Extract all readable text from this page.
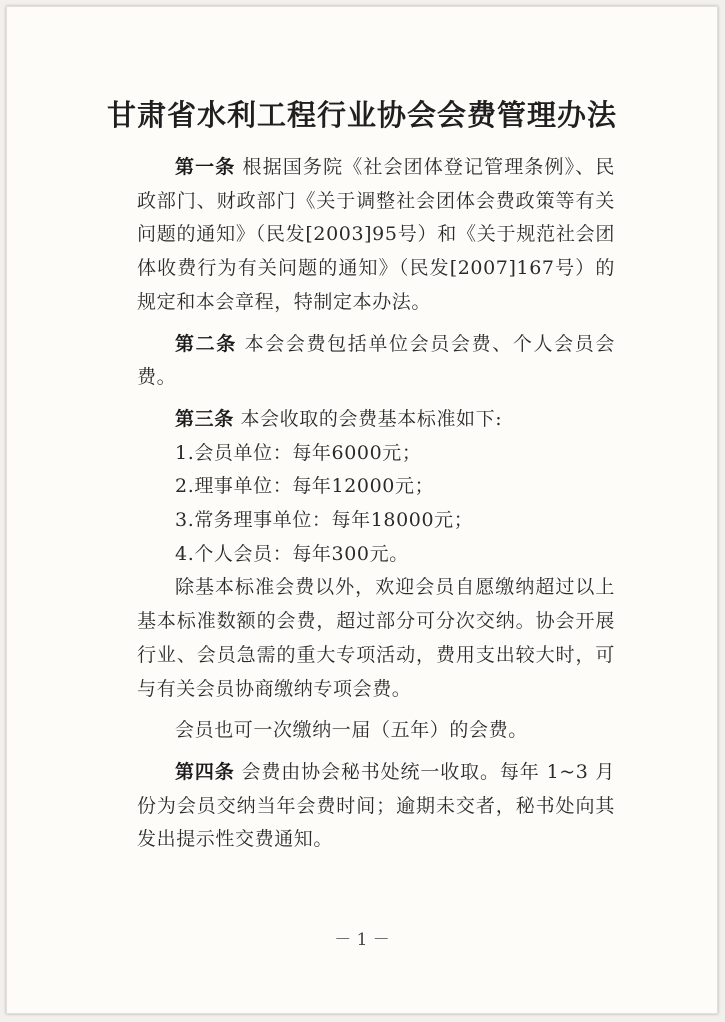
甘肃省水利工程行业协会会费管理办法

第一条 根据国务院《社会团体登记管理条例》、民政部门、财政部门《关于调整社会团体会费政策等有关问题的通知》（民发[2003]95号）和《关于规范社会团体收费行为有关问题的通知》（民发[2007]167号）的规定和本会章程，特制定本办法。

第二条 本会会费包括单位会员会费、个人会员会费。

第三条 本会收取的会费基本标准如下:

1.会员单位：每年6000元；

2.理事单位：每年12000元；

3.常务理事单位：每年18000元；

4.个人会员：每年300元。

除基本标准会费以外，欢迎会员自愿缴纳超过以上基本标准数额的会费，超过部分可分次交纳。协会开展行业、会员急需的重大专项活动，费用支出较大时，可与有关会员协商缴纳专项会费。

会员也可一次缴纳一届（五年）的会费。

第四条 会费由协会秘书处统一收取。每年 1~3 月份为会员交纳当年会费时间；逾期未交者，秘书处向其发出提示性交费通知。

－ 1 －
